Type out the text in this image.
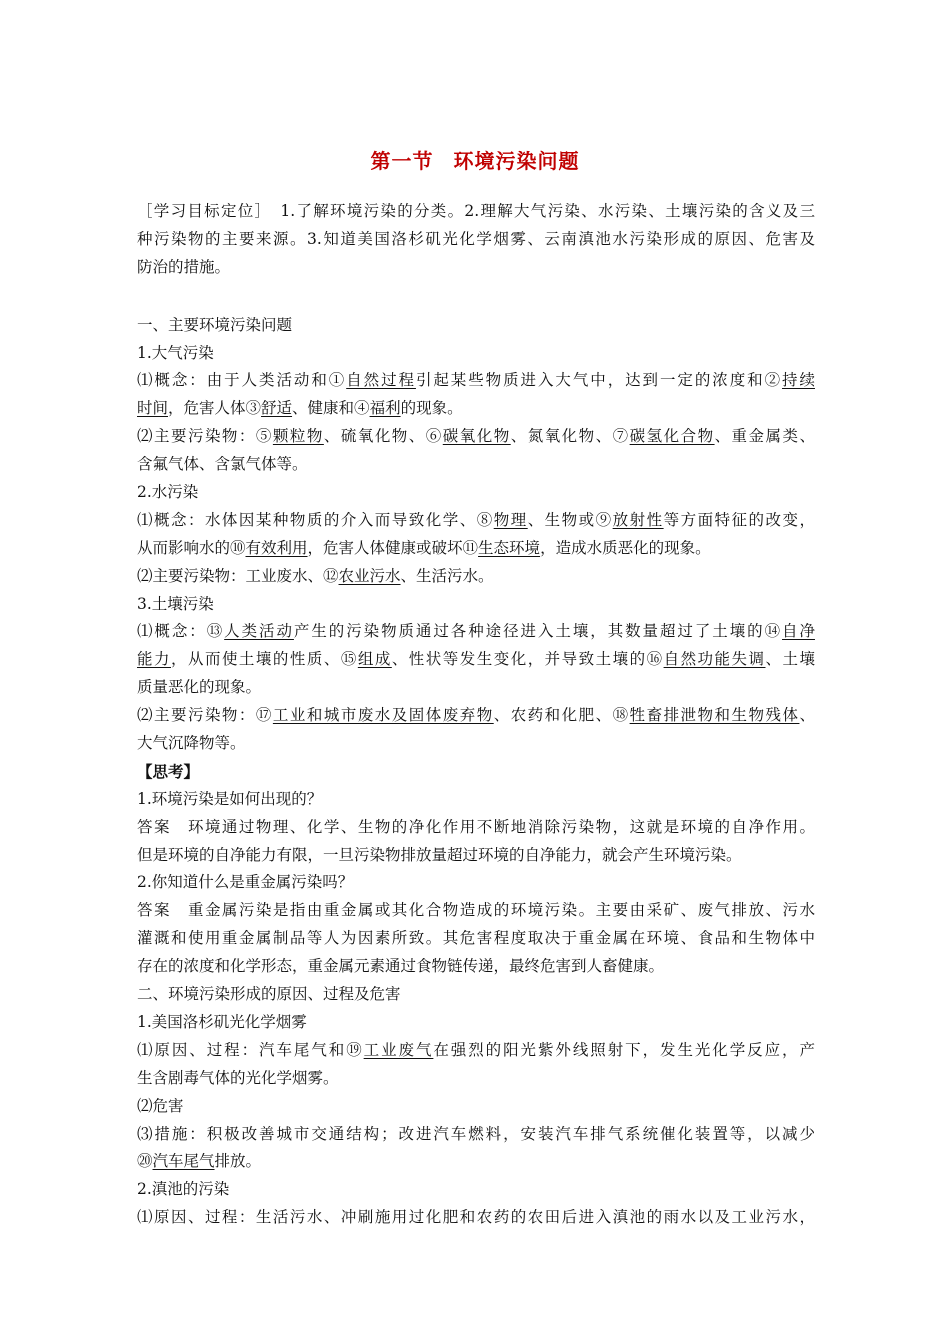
第一节 环境污染问题
［学习目标定位］　 1.了解环境污染的分类。2.理解大气污染、水污染、土壤污染的含义及三
种污染物的主要来源。3.知道美国洛杉矶光化学烟雾、云南滇池水污染形成的原因、危害及
防治的措施。
一、主要环境污染问题
1.大气污染
⑴概念：由于人类活动和①自然过程引起某些物质进入大气中，达到一定的浓度和②持续
时间，危害人体③舒适、健康和④福利的现象。
⑵主要污染物：⑤颗粒物、硫氧化物、⑥碳氧化物、氮氧化物、⑦碳氢化合物、重金属类、
含氟气体、含氯气体等。
2.水污染
⑴概念：水体因某种物质的介入而导致化学、⑧物理、生物或⑨放射性等方面特征的改变，
从而影响水的⑩有效利用，危害人体健康或破坏⑪生态环境，造成水质恶化的现象。
⑵主要污染物：工业废水、⑫农业污水、生活污水。
3.土壤污染
⑴概念：⑬人类活动产生的污染物质通过各种途径进入土壤，其数量超过了土壤的⑭自净
能力，从而使土壤的性质、⑮组成、性状等发生变化，并导致土壤的⑯自然功能失调、土壤
质量恶化的现象。
⑵主要污染物：⑰工业和城市废水及固体废弃物、农药和化肥、⑱牲畜排泄物和生物残体、
大气沉降物等。
【思考】
1.环境污染是如何出现的？
答案　环境通过物理、化学、生物的净化作用不断地消除污染物，这就是环境的自净作用。
但是环境的自净能力有限，一旦污染物排放量超过环境的自净能力，就会产生环境污染。
2.你知道什么是重金属污染吗？
答案　重金属污染是指由重金属或其化合物造成的环境污染。主要由采矿、废气排放、污水
灌溉和使用重金属制品等人为因素所致。其危害程度取决于重金属在环境、食品和生物体中
存在的浓度和化学形态，重金属元素通过食物链传递，最终危害到人畜健康。
二、环境污染形成的原因、过程及危害
1.美国洛杉矶光化学烟雾
⑴原因、过程：汽车尾气和⑲工业废气在强烈的阳光紫外线照射下，发生光化学反应，产
生含剧毒气体的光化学烟雾。
⑵危害
⑶措施：积极改善城市交通结构；改进汽车燃料，安装汽车排气系统催化装置等，以减少
⑳汽车尾气排放。
2.滇池的污染
⑴原因、过程：生活污水、冲刷施用过化肥和农药的农田后进入滇池的雨水以及工业污水，
